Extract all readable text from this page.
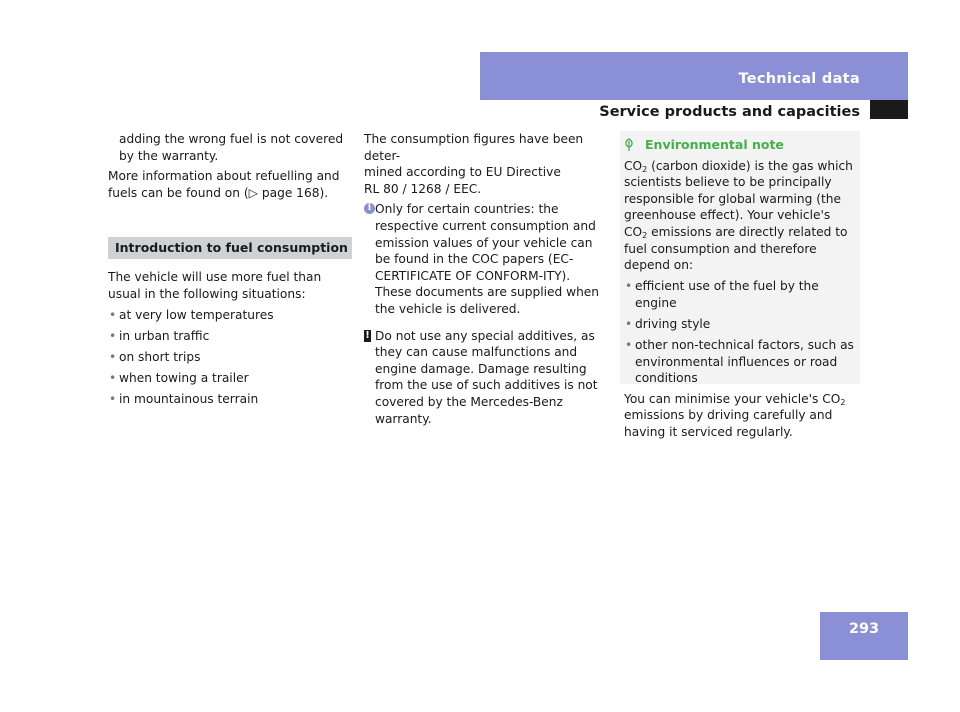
Technical data
Service products and capacities

adding the wrong fuel is not covered by the warranty.

More information about refuelling and fuels can be found on (▷ page 168).

Introduction to fuel consumption

The vehicle will use more fuel than usual in the following situations:

• at very low temperatures
• in urban traffic
• on short trips
• when towing a trailer
• in mountainous terrain

The consumption figures have been deter-
mined according to EU Directive
RL 80 / 1268 / EEC.

i Only for certain countries: the respective current consumption and emission values of your vehicle can be found in the COC papers (EC-CERTIFICATE OF CONFORM-ITY). These documents are supplied when the vehicle is delivered.

! Do not use any special additives, as they can cause malfunctions and engine damage. Damage resulting from the use of such additives is not covered by the Mercedes-Benz warranty.

Environmental note

$CO_2$ (carbon dioxide) is the gas which scientists believe to be principally responsible for global warming (the greenhouse effect). Your vehicle's $CO_2$ emissions are directly related to fuel consumption and therefore depend on:

• efficient use of the fuel by the engine
• driving style
• other non-technical factors, such as environmental influences or road conditions

You can minimise your vehicle's $CO_2$ emissions by driving carefully and having it serviced regularly.

293
